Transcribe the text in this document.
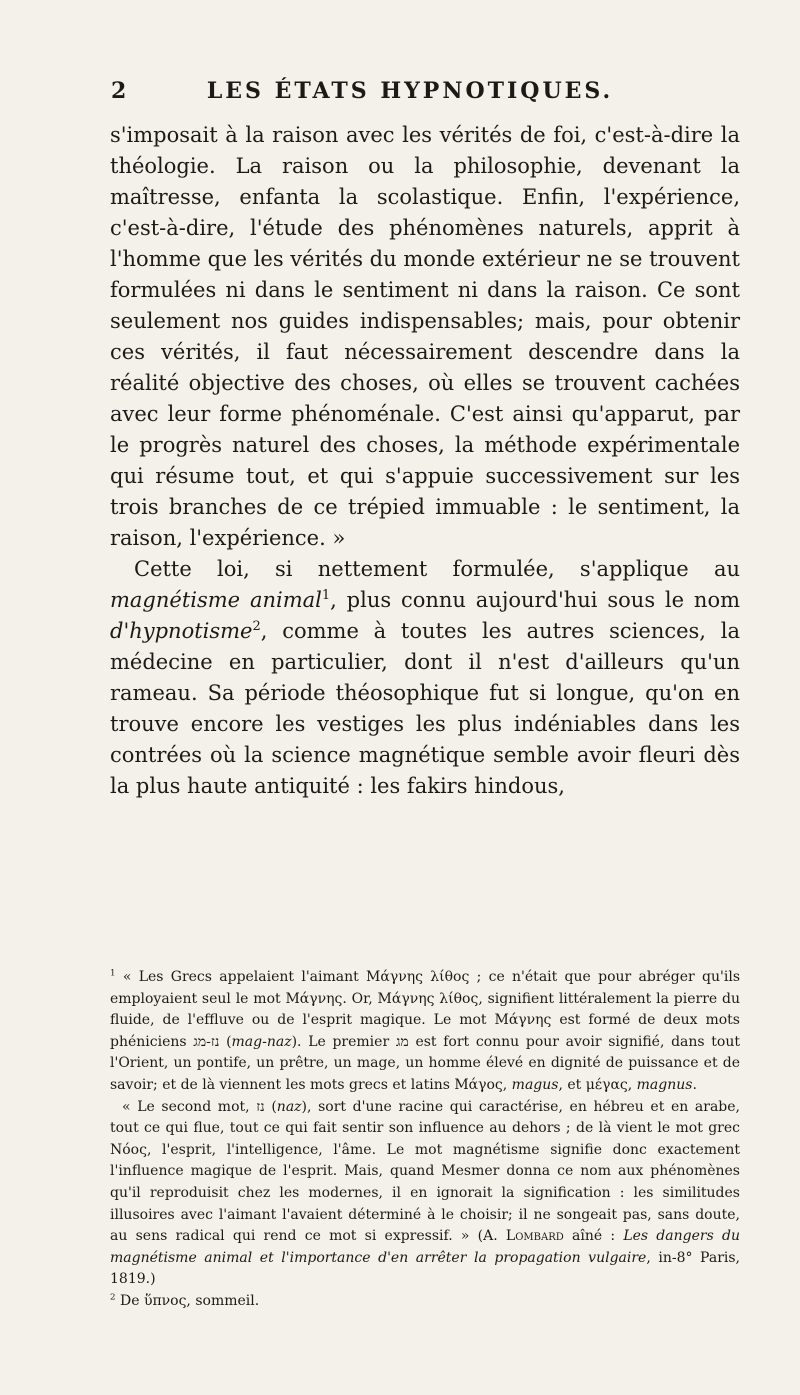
2	LES ÉTATS HYPNOTIQUES.

s'imposait à la raison avec les vérités de foi, c'est-à-dire la théologie. La raison ou la philosophie, devenant la maîtresse, enfanta la scolastique. Enfin, l'expérience, c'est-à-dire, l'étude des phénomènes naturels, apprit à l'homme que les vérités du monde extérieur ne se trouvent formulées ni dans le sentiment ni dans la raison. Ce sont seulement nos guides indispensables; mais, pour obtenir ces vérités, il faut nécessairement descendre dans la réalité objective des choses, où elles se trouvent cachées avec leur forme phénoménale. C'est ainsi qu'apparut, par le progrès naturel des choses, la méthode expérimentale qui résume tout, et qui s'appuie successivement sur les trois branches de ce trépied immuable : le sentiment, la raison, l'expérience. »

Cette loi, si nettement formulée, s'applique au magnétisme animal$^1$, plus connu aujourd'hui sous le nom d'hypnotisme$^2$, comme à toutes les autres sciences, la médecine en particulier, dont il n'est d'ailleurs qu'un rameau. Sa période théosophique fut si longue, qu'on en trouve encore les vestiges les plus indéniables dans les contrées où la science magnétique semble avoir fleuri dès la plus haute antiquité : les fakirs hindous,

$^1$ « Les Grecs appelaient l'aimant Μάγνης λίθος ; ce n'était que pour abréger qu'ils employaient seul le mot Μάγνης. Or, Μάγνης λίθος, signifient littéralement la pierre du fluide, de l'effluve ou de l'esprit magique. Le mot Μάγνης est formé de deux mots phéniciens נז-מג (mag-naz). Le premier מג est fort connu pour avoir signifié, dans tout l'Orient, un pontife, un prêtre, un mage, un homme élevé en dignité de puissance et de savoir; et de là viennent les mots grecs et latins Μάγος, magus, et μέγας, magnus.

« Le second mot, נז (naz), sort d'une racine qui caractérise, en hébreu et en arabe, tout ce qui flue, tout ce qui fait sentir son influence au dehors ; de là vient le mot grec Νόος, l'esprit, l'intelligence, l'âme. Le mot magnétisme signifie donc exactement l'influence magique de l'esprit. Mais, quand Mesmer donna ce nom aux phénomènes qu'il reproduisit chez les modernes, il en ignorait la signification : les similitudes illusoires avec l'aimant l'avaient déterminé à le choisir; il ne songeait pas, sans doute, au sens radical qui rend ce mot si expressif. » (A. Lombard aîné : Les dangers du magnétisme animal et l'importance d'en arrêter la propagation vulgaire, in-8° Paris, 1819.)

$^2$ De ὕπνος, sommeil.
